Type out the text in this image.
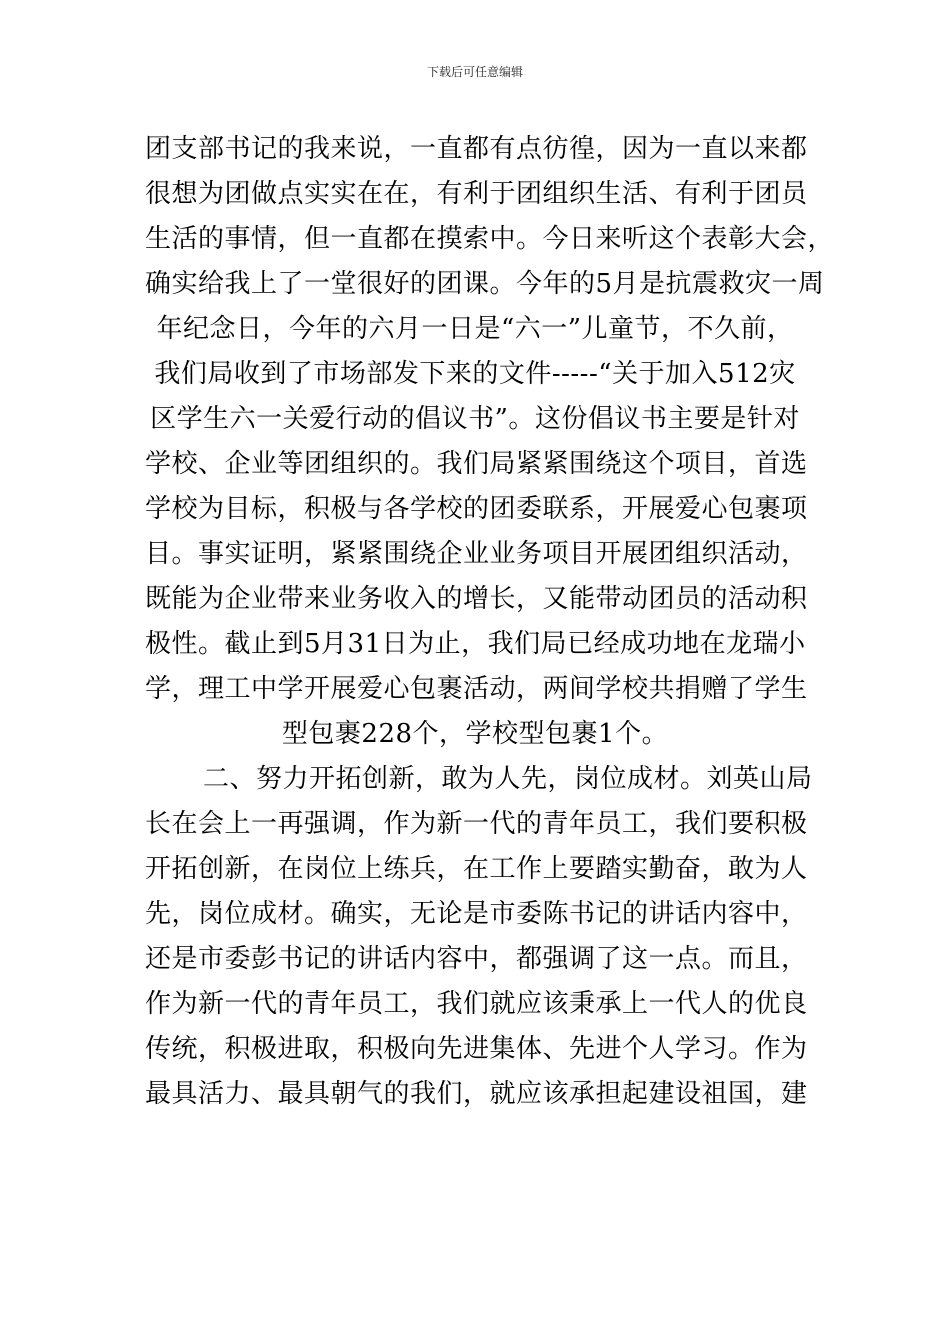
下载后可任意编辑
团支部书记的我来说，一直都有点彷徨，因为一直以来都
很想为团做点实实在在，有利于团组织生活、有利于团员
生活的事情，但一直都在摸索中。今日来听这个表彰大会，
确实给我上了一堂很好的团课。今年的5月是抗震救灾一周
年纪念日，今年的六月一日是“六一”儿童节，不久前，
我们局收到了市场部发下来的文件-----“关于加入512灾
区学生六一关爱行动的倡议书”。这份倡议书主要是针对
学校、企业等团组织的。我们局紧紧围绕这个项目，首选
学校为目标，积极与各学校的团委联系，开展爱心包裹项
目。事实证明，紧紧围绕企业业务项目开展团组织活动，
既能为企业带来业务收入的增长，又能带动团员的活动积
极性。截止到5月31日为止，我们局已经成功地在龙瑞小
学，理工中学开展爱心包裹活动，两间学校共捐赠了学生
型包裹228个，学校型包裹1个。
二、努力开拓创新，敢为人先，岗位成材。刘英山局
长在会上一再强调，作为新一代的青年员工，我们要积极
开拓创新，在岗位上练兵，在工作上要踏实勤奋，敢为人
先，岗位成材。确实，无论是市委陈书记的讲话内容中，
还是市委彭书记的讲话内容中，都强调了这一点。而且，
作为新一代的青年员工，我们就应该秉承上一代人的优良
传统，积极进取，积极向先进集体、先进个人学习。作为
最具活力、最具朝气的我们，就应该承担起建设祖国，建
